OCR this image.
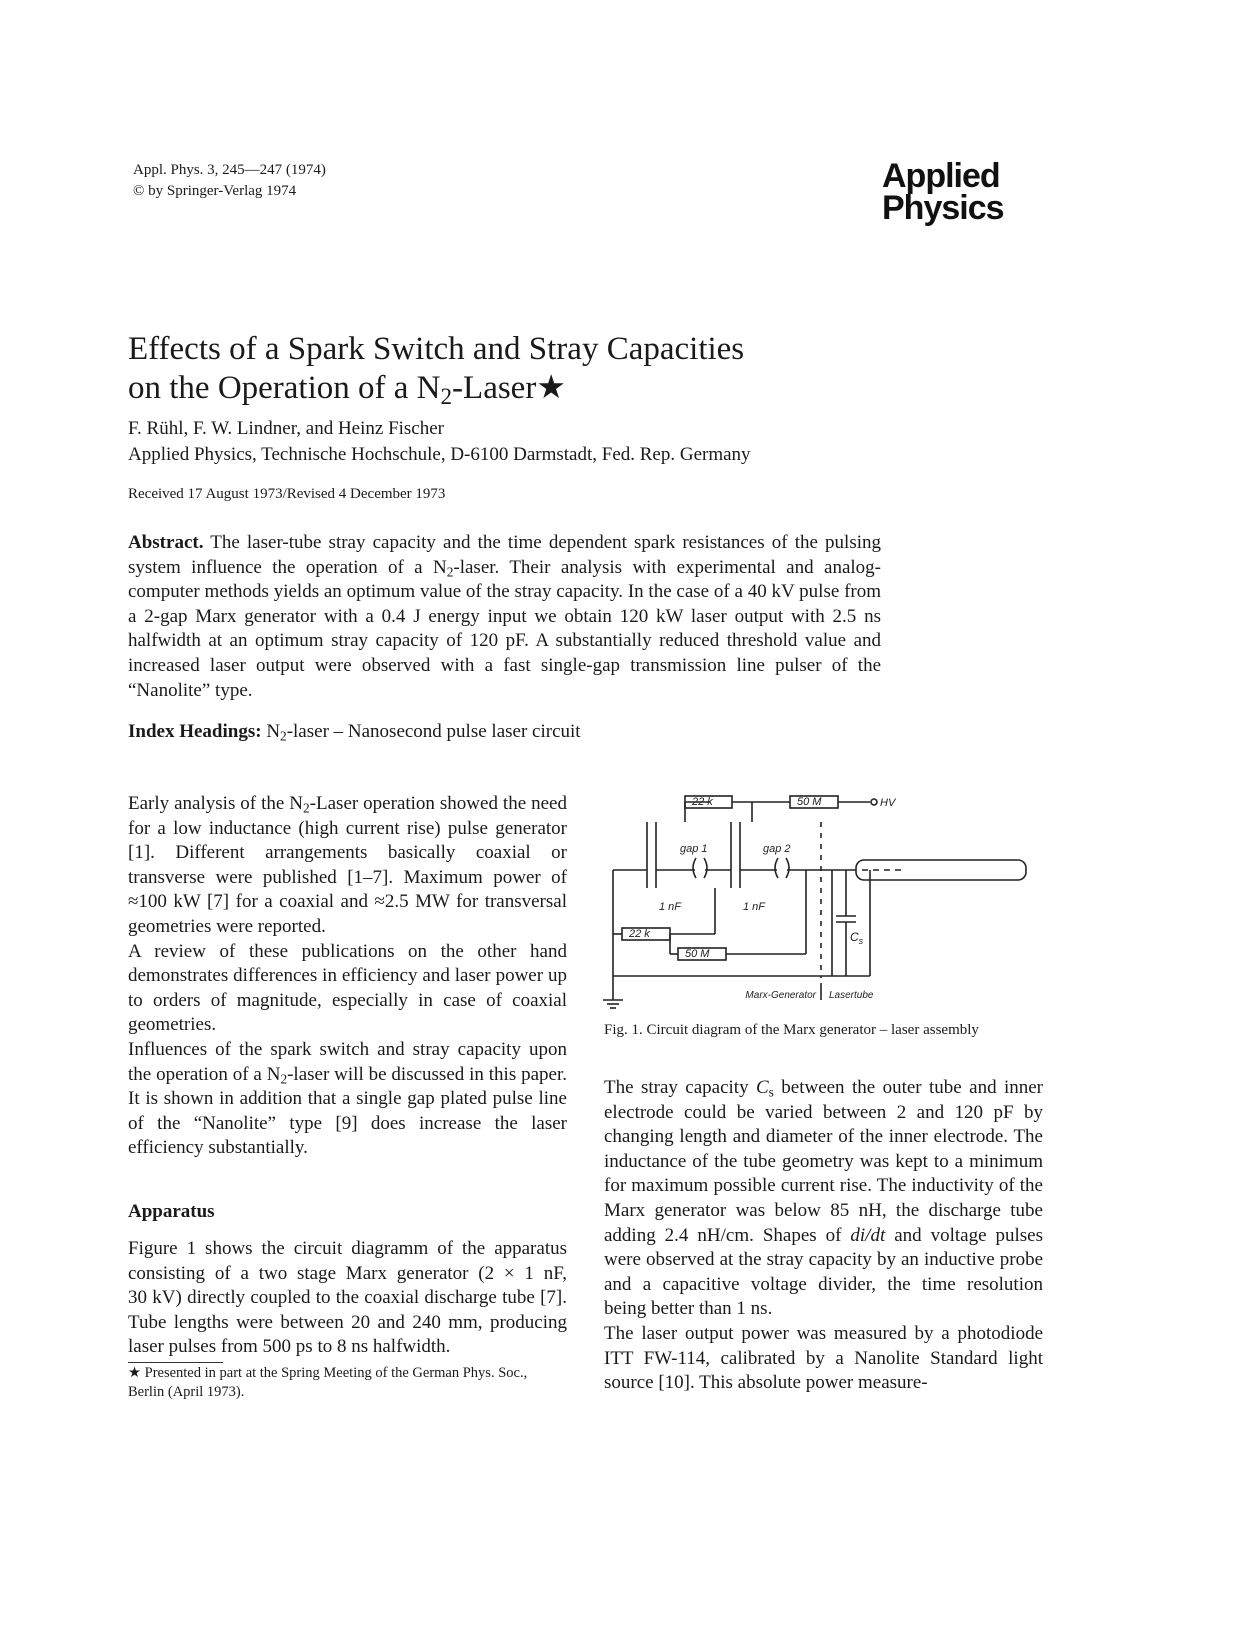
Appl. Phys. 3, 245—247 (1974)
© by Springer-Verlag 1974	Applied
Physics
Effects of a Spark Switch and Stray Capacities
on the Operation of a $N_2-Laser★$
F. Rühl, F. W. Lindner, and Heinz Fischer
Applied Physics, Technische Hochschule, D-6100 Darmstadt, Fed. Rep. Germany
Received 17 August 1973/Revised 4 December 1973

Abstract. The laser-tube stray capacity and the time dependent spark resistances of the pulsing system influence the operation of a $N_2$-laser. Their analysis with experimental and analog-computer methods yields an optimum value of the stray capacity. In the case of a 40 kV pulse from a 2-gap Marx generator with a 0.4 J energy input we obtain 120 kW laser output with 2.5 ns halfwidth at an optimum stray capacity of 120 pF. A substantially reduced threshold value and increased laser output were observed with a fast single-gap transmission line pulser of the “Nanolite” type.

Index Headings: $N_2$-laser – Nanosecond pulse laser circuit

Early analysis of the $N_2$-Laser operation showed the need for a low inductance (high current rise) pulse generator [1]. Different arrangements basically coaxial or transverse were published [1–7]. Maximum power of ≈100 kW [7] for a coaxial and ≈2.5 MW for transversal geometries were reported.

A review of these publications on the other hand demonstrates differences in efficiency and laser power up to orders of magnitude, especially in case of coaxial geometries.

Influences of the spark switch and stray capacity upon the operation of a $N_2$-laser will be discussed in this paper. It is shown in addition that a single gap plated pulse line of the “Nanolite” type [9] does increase the laser efficiency substantially.

Apparatus
Figure 1 shows the circuit diagramm of the apparatus consisting of a two stage Marx generator (2 × 1 nF, 30 kV) directly coupled to the coaxial discharge tube [7]. Tube lengths were between 20 and 240 mm, producing laser pulses from 500 ps to 8 ns halfwidth.
★ Presented in part at the Spring Meeting of the German Phys. Soc., Berlin (April 1973).
22 k	50 M	HV
gap 1	gap 2
1 nF	1 nF
22 k
50 M
$C_s$
Marx-Generator Lasertube
Fig. 1. Circuit diagram of the Marx generator – laser assembly

The stray capacity $C_s$ between the outer tube and inner electrode could be varied between 2 and 120 pF by changing length and diameter of the inner electrode. The inductance of the tube geometry was kept to a minimum for maximum possible current rise. The inductivity of the Marx generator was below 85 nH, the discharge tube adding 2.4 nH/cm. Shapes of di/dt and voltage pulses were observed at the stray capacity by an inductive probe and a capacitive voltage divider, the time resolution being better than 1 ns.

The laser output power was measured by a photodiode ITT FW-114, calibrated by a Nanolite Standard light source [10]. This absolute power measure-
